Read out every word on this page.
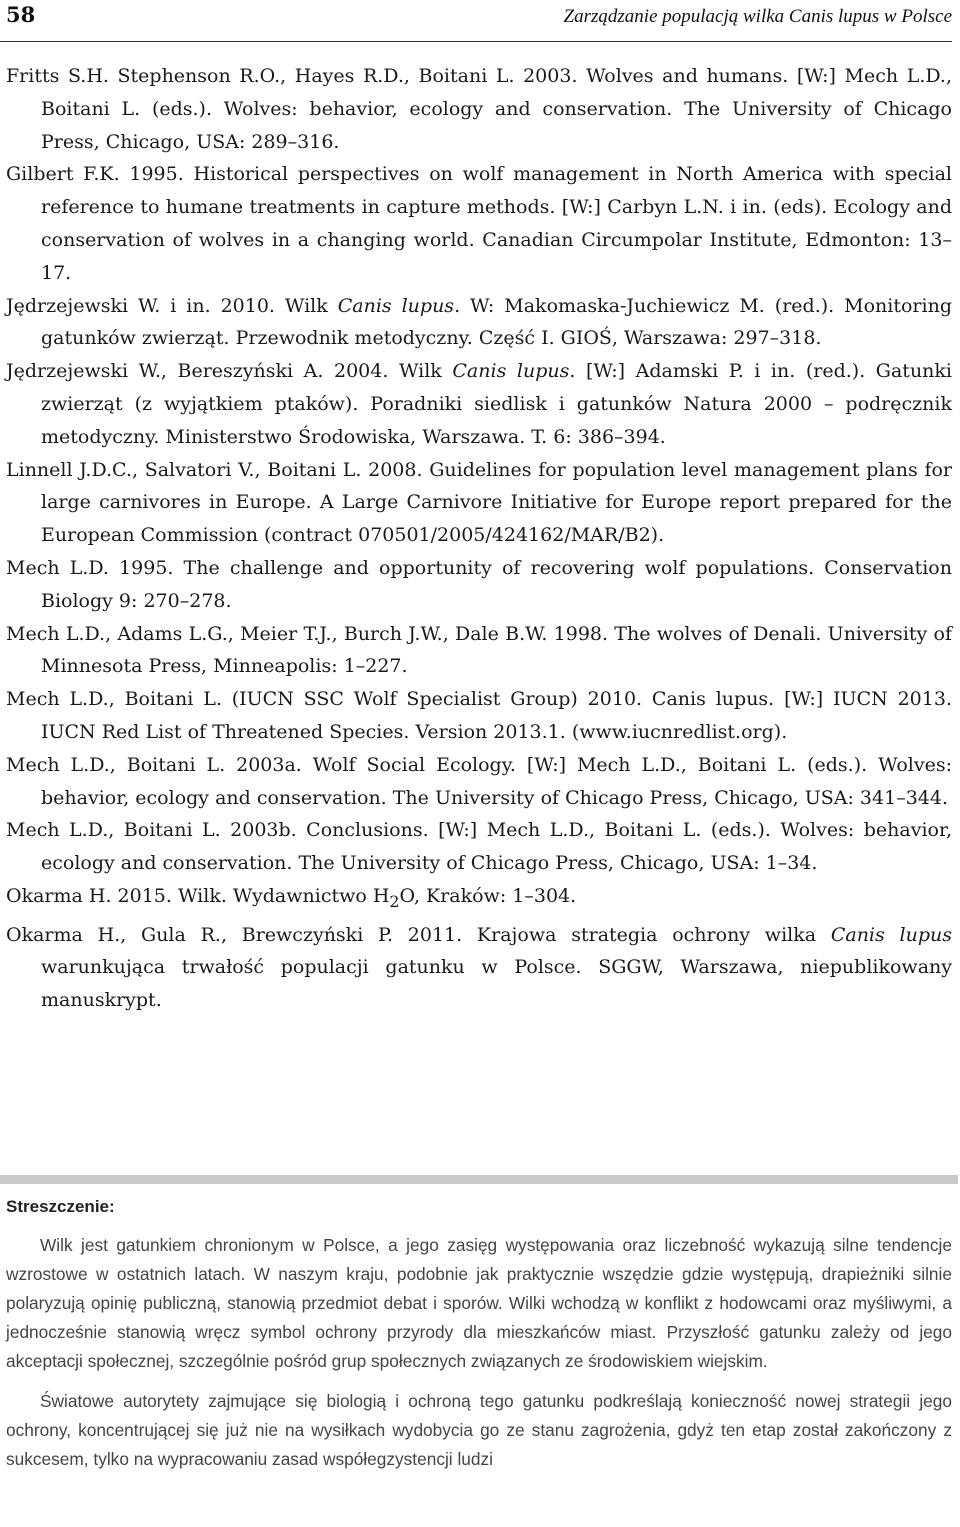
58	Zarządzanie populacją wilka Canis lupus w Polsce

Fritts S.H. Stephenson R.O., Hayes R.D., Boitani L. 2003. Wolves and humans. [W:] Mech L.D., Boitani L. (eds.). Wolves: behavior, ecology and conservation. The University of Chicago Press, Chicago, USA: 289–316.

Gilbert F.K. 1995. Historical perspectives on wolf management in North America with special reference to humane treatments in capture methods. [W:] Carbyn L.N. i in. (eds). Ecology and conservation of wolves in a changing world. Canadian Circumpolar Institute, Edmonton: 13–17.

Jędrzejewski W. i in. 2010. Wilk Canis lupus. W: Makomaska-Juchiewicz M. (red.). Monitoring gatunków zwierząt. Przewodnik metodyczny. Część I. GIOŚ, Warszawa: 297–318.

Jędrzejewski W., Bereszyński A. 2004. Wilk Canis lupus. [W:] Adamski P. i in. (red.). Gatunki zwierząt (z wyjątkiem ptaków). Poradniki siedlisk i gatunków Natura 2000 – podręcznik metodyczny. Ministerstwo Środowiska, Warszawa. T. 6: 386–394.

Linnell J.D.C., Salvatori V., Boitani L. 2008. Guidelines for population level management plans for large carnivores in Europe. A Large Carnivore Initiative for Europe report prepared for the European Commission (contract 070501/2005/424162/MAR/B2).

Mech L.D. 1995. The challenge and opportunity of recovering wolf populations. Conservation Biology 9: 270–278.

Mech L.D., Adams L.G., Meier T.J., Burch J.W., Dale B.W. 1998. The wolves of Denali. University of Minnesota Press, Minneapolis: 1–227.

Mech L.D., Boitani L. (IUCN SSC Wolf Specialist Group) 2010. Canis lupus. [W:] IUCN 2013. IUCN Red List of Threatened Species. Version 2013.1. (www.iucnredlist.org).

Mech L.D., Boitani L. 2003a. Wolf Social Ecology. [W:] Mech L.D., Boitani L. (eds.). Wolves: behavior, ecology and conservation. The University of Chicago Press, Chicago, USA: 341–344.

Mech L.D., Boitani L. 2003b. Conclusions. [W:] Mech L.D., Boitani L. (eds.). Wolves: behavior, ecology and conservation. The University of Chicago Press, Chicago, USA: 1–34.

Okarma H. 2015. Wilk. Wydawnictwo $H_2O$, Kraków: 1–304.

Okarma H., Gula R., Brewczyński P. 2011. Krajowa strategia ochrony wilka Canis lupus warunkująca trwałość populacji gatunku w Polsce. SGGW, Warszawa, niepublikowany manuskrypt.

Streszczenie:

Wilk jest gatunkiem chronionym w Polsce, a jego zasięg występowania oraz liczebność wykazują silne tendencje wzrostowe w ostatnich latach. W naszym kraju, podobnie jak praktycznie wszędzie gdzie występują, drapieżniki silnie polaryzują opinię publiczną, stanowią przedmiot debat i sporów. Wilki wchodzą w konflikt z hodowcami oraz myśliwymi, a jednocześnie stanowią wręcz symbol ochrony przyrody dla mieszkańców miast. Przyszłość gatunku zależy od jego akceptacji społecznej, szczególnie pośród grup społecznych związanych ze środowiskiem wiejskim.

Światowe autorytety zajmujące się biologią i ochroną tego gatunku podkreślają konieczność nowej strategii jego ochrony, koncentrującej się już nie na wysiłkach wydobycia go ze stanu zagrożenia, gdyż ten etap został zakończony z sukcesem, tylko na wypracowaniu zasad współegzystencji ludzi
